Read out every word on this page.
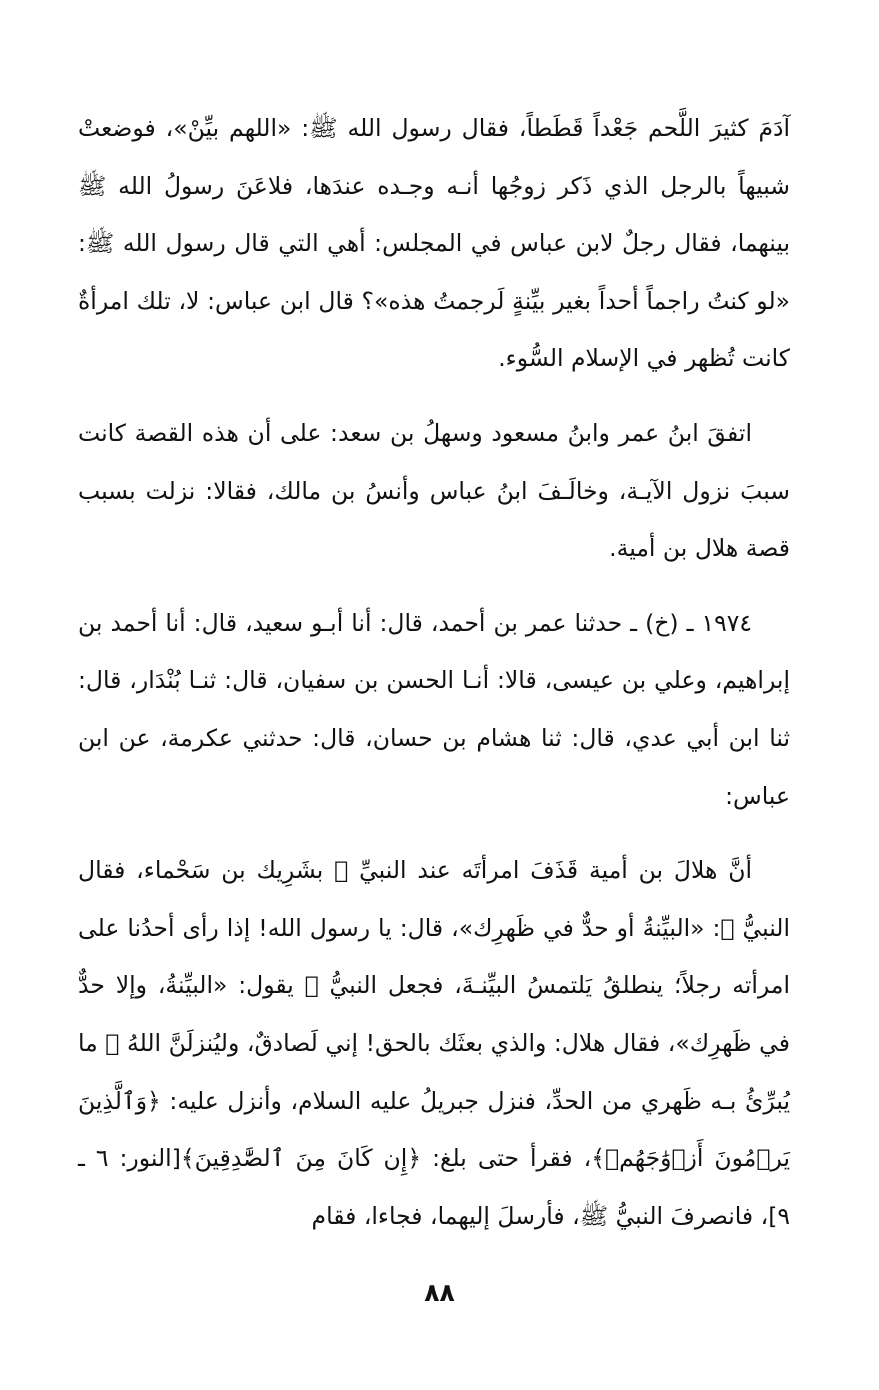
آدَمَ كثيرَ اللَّحم جَعْداً قَطَطاً، فقال رسول الله ﷺ: «اللهم بيِّنْ»، فوضعتْ شبيهاً بالرجل الذي ذَكر زوجُها أنـه وجـده عندَها، فلاعَنَ رسولُ الله ﷺ بينهما، فقال رجلٌ لابن عباس في المجلس: أهي التي قال رسول الله ﷺ: «لو كنتُ راجماً أحداً بغير بيِّنةٍ لَرجمتُ هذه»؟ قال ابن عباس: لا، تلك امرأةٌ كانت تُظهر في الإسلام السُّوء.

اتفقَ ابنُ عمر وابنُ مسعود وسهلُ بن سعد: على أن هذه القصة كانت سببَ نزول الآيـة، وخالَـفَ ابنُ عباس وأنسُ بن مالك، فقالا: نزلت بسبب قصة هلال بن أمية.

١٩٧٤ ـ (خ) ـ حدثنا عمر بن أحمد، قال: أنا أبـو سعيد، قال: أنا أحمد بن إبراهيم، وعلي بن عيسى، قالا: أنـا الحسن بن سفيان، قال: ثنـا بُنْدَار، قال: ثنا ابن أبي عدي، قال: ثنا هشام بن حسان، قال: حدثني عكرمة، عن ابن عباس:

أنَّ هلالَ بن أمية قَذَفَ امرأتَه عند النبيِّ ﷺ بشَرِيك بن سَحْماء، فقال النبيُّ ﷺ: «البيِّنةُ أو حدٌّ في ظَهرِك»، قال: يا رسول الله! إذا رأى أحدُنا على امرأته رجلاً؛ ينطلقُ يَلتمسُ البيِّنـةَ، فجعل النبيُّ ﷺ يقول: «البيِّنةُ، وإلا حدٌّ في ظَهرِك»، فقال هلال: والذي بعثَك بالحق! إني لَصادقٌ، وليُنزلَنَّ اللهُ ﷻ ما يُبرِّئُ بـه ظَهري من الحدِّ، فنزل جبريلُ عليه السلام، وأنزل عليه: ﴿وَٱلَّذِينَ يَرۡمُونَ أَزۡوَٰجَهُمۡ﴾، فقرأ حتى بلغ: ﴿إِن كَانَ مِنَ ٱلصَّٰدِقِينَ﴾[النور: ٦ ـ ٩]، فانصرفَ النبيُّ ﷺ، فأرسلَ إليهما، فجاءا، فقام

٨٨
